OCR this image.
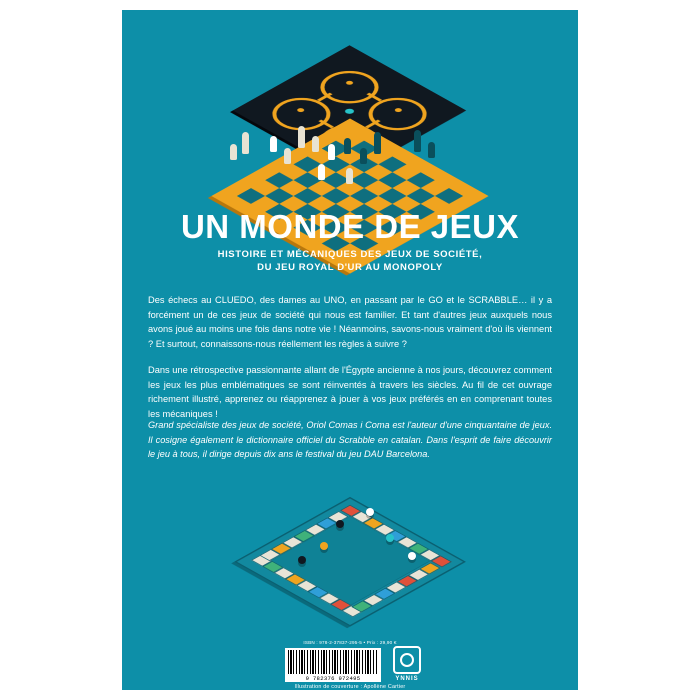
UN MONDE DE JEUX
HISTOIRE ET MÉCANIQUES DES JEUX DE SOCIÉTÉ,
DU JEU ROYAL D'UR AU MONOPOLY
Des échecs au CLUEDO, des dames au UNO, en passant par le GO et le SCRABBLE… il y a forcément un de ces jeux de société qui nous est familier. Et tant d'autres jeux auxquels nous avons joué au moins une fois dans notre vie ! Néanmoins, savons-nous vraiment d'où ils viennent ? Et surtout, connaissons-nous réellement les règles à suivre ?
Dans une rétrospective passionnante allant de l'Égypte ancienne à nos jours, découvrez comment les jeux les plus emblématiques se sont réinventés à travers les siècles. Au fil de cet ouvrage richement illustré, apprenez ou réapprenez à jouer à vos jeux préférés en en comprenant toutes les mécaniques !
Grand spécialiste des jeux de société, Oriol Comas i Coma est l'auteur d'une cinquantaine de jeux. Il cosigne également le dictionnaire officiel du Scrabble en catalan. Dans l'esprit de faire découvrir le jeu à tous, il dirige depuis dix ans le festival du jeu DAU Barcelona.
ISBN : 978-2-37837-295-5 • Prix : 29,90 €
9 782376 972495	YNNIS
Illustration de couverture : Apollène Cartier
